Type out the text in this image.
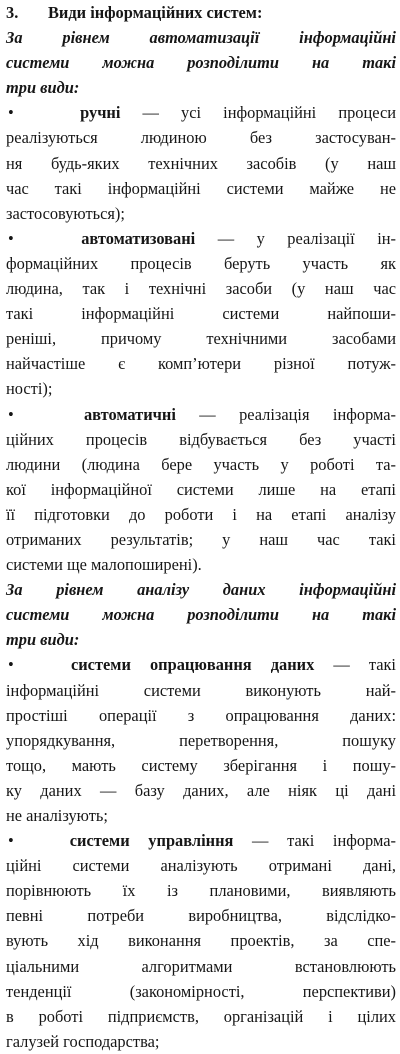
3. Види інформаційних систем:
За рівнем автоматизації інформаційні
системи можна розподілити на такі
три види:
•	ручні — усі інформаційні процеси
реалізуються людиною без застосуван-
ня будь-яких технічних засобів (у наш
час такі інформаційні системи майже не
застосовуються);
•	автоматизовані — у реалізації ін-
формаційних процесів беруть участь як
людина, так і технічні засоби (у наш час
такі інформаційні системи найпоши-
реніші, причому технічними засобами
найчастіше є комп’ютери різної потуж-
ності);
•	автоматичні — реалізація інформа-
ційних процесів відбувається без участі
людини (людина бере участь у роботі та-
кої інформаційної системи лише на етапі
її підготовки до роботи і на етапі аналізу
отриманих результатів; у наш час такі
системи ще малопоширені).
За рівнем аналізу даних інформаційні
системи можна розподілити на такі
три види:
•	системи опрацювання даних — такі
інформаційні системи виконують най-
простіші операції з опрацювання даних:
упорядкування, перетворення, пошуку
тощо, мають систему зберігання і пошу-
ку даних — базу даних, але ніяк ці дані
не аналізують;
•	системи управління — такі інформа-
ційні системи аналізують отримані дані,
порівнюють їх із плановими, виявляють
певні потреби виробництва, відслідко-
вують хід виконання проектів, за спе-
ціальними алгоритмами встановлюють
тенденції (закономірності, перспективи)
в роботі підприємств, організацій і цілих
галузей господарства;
